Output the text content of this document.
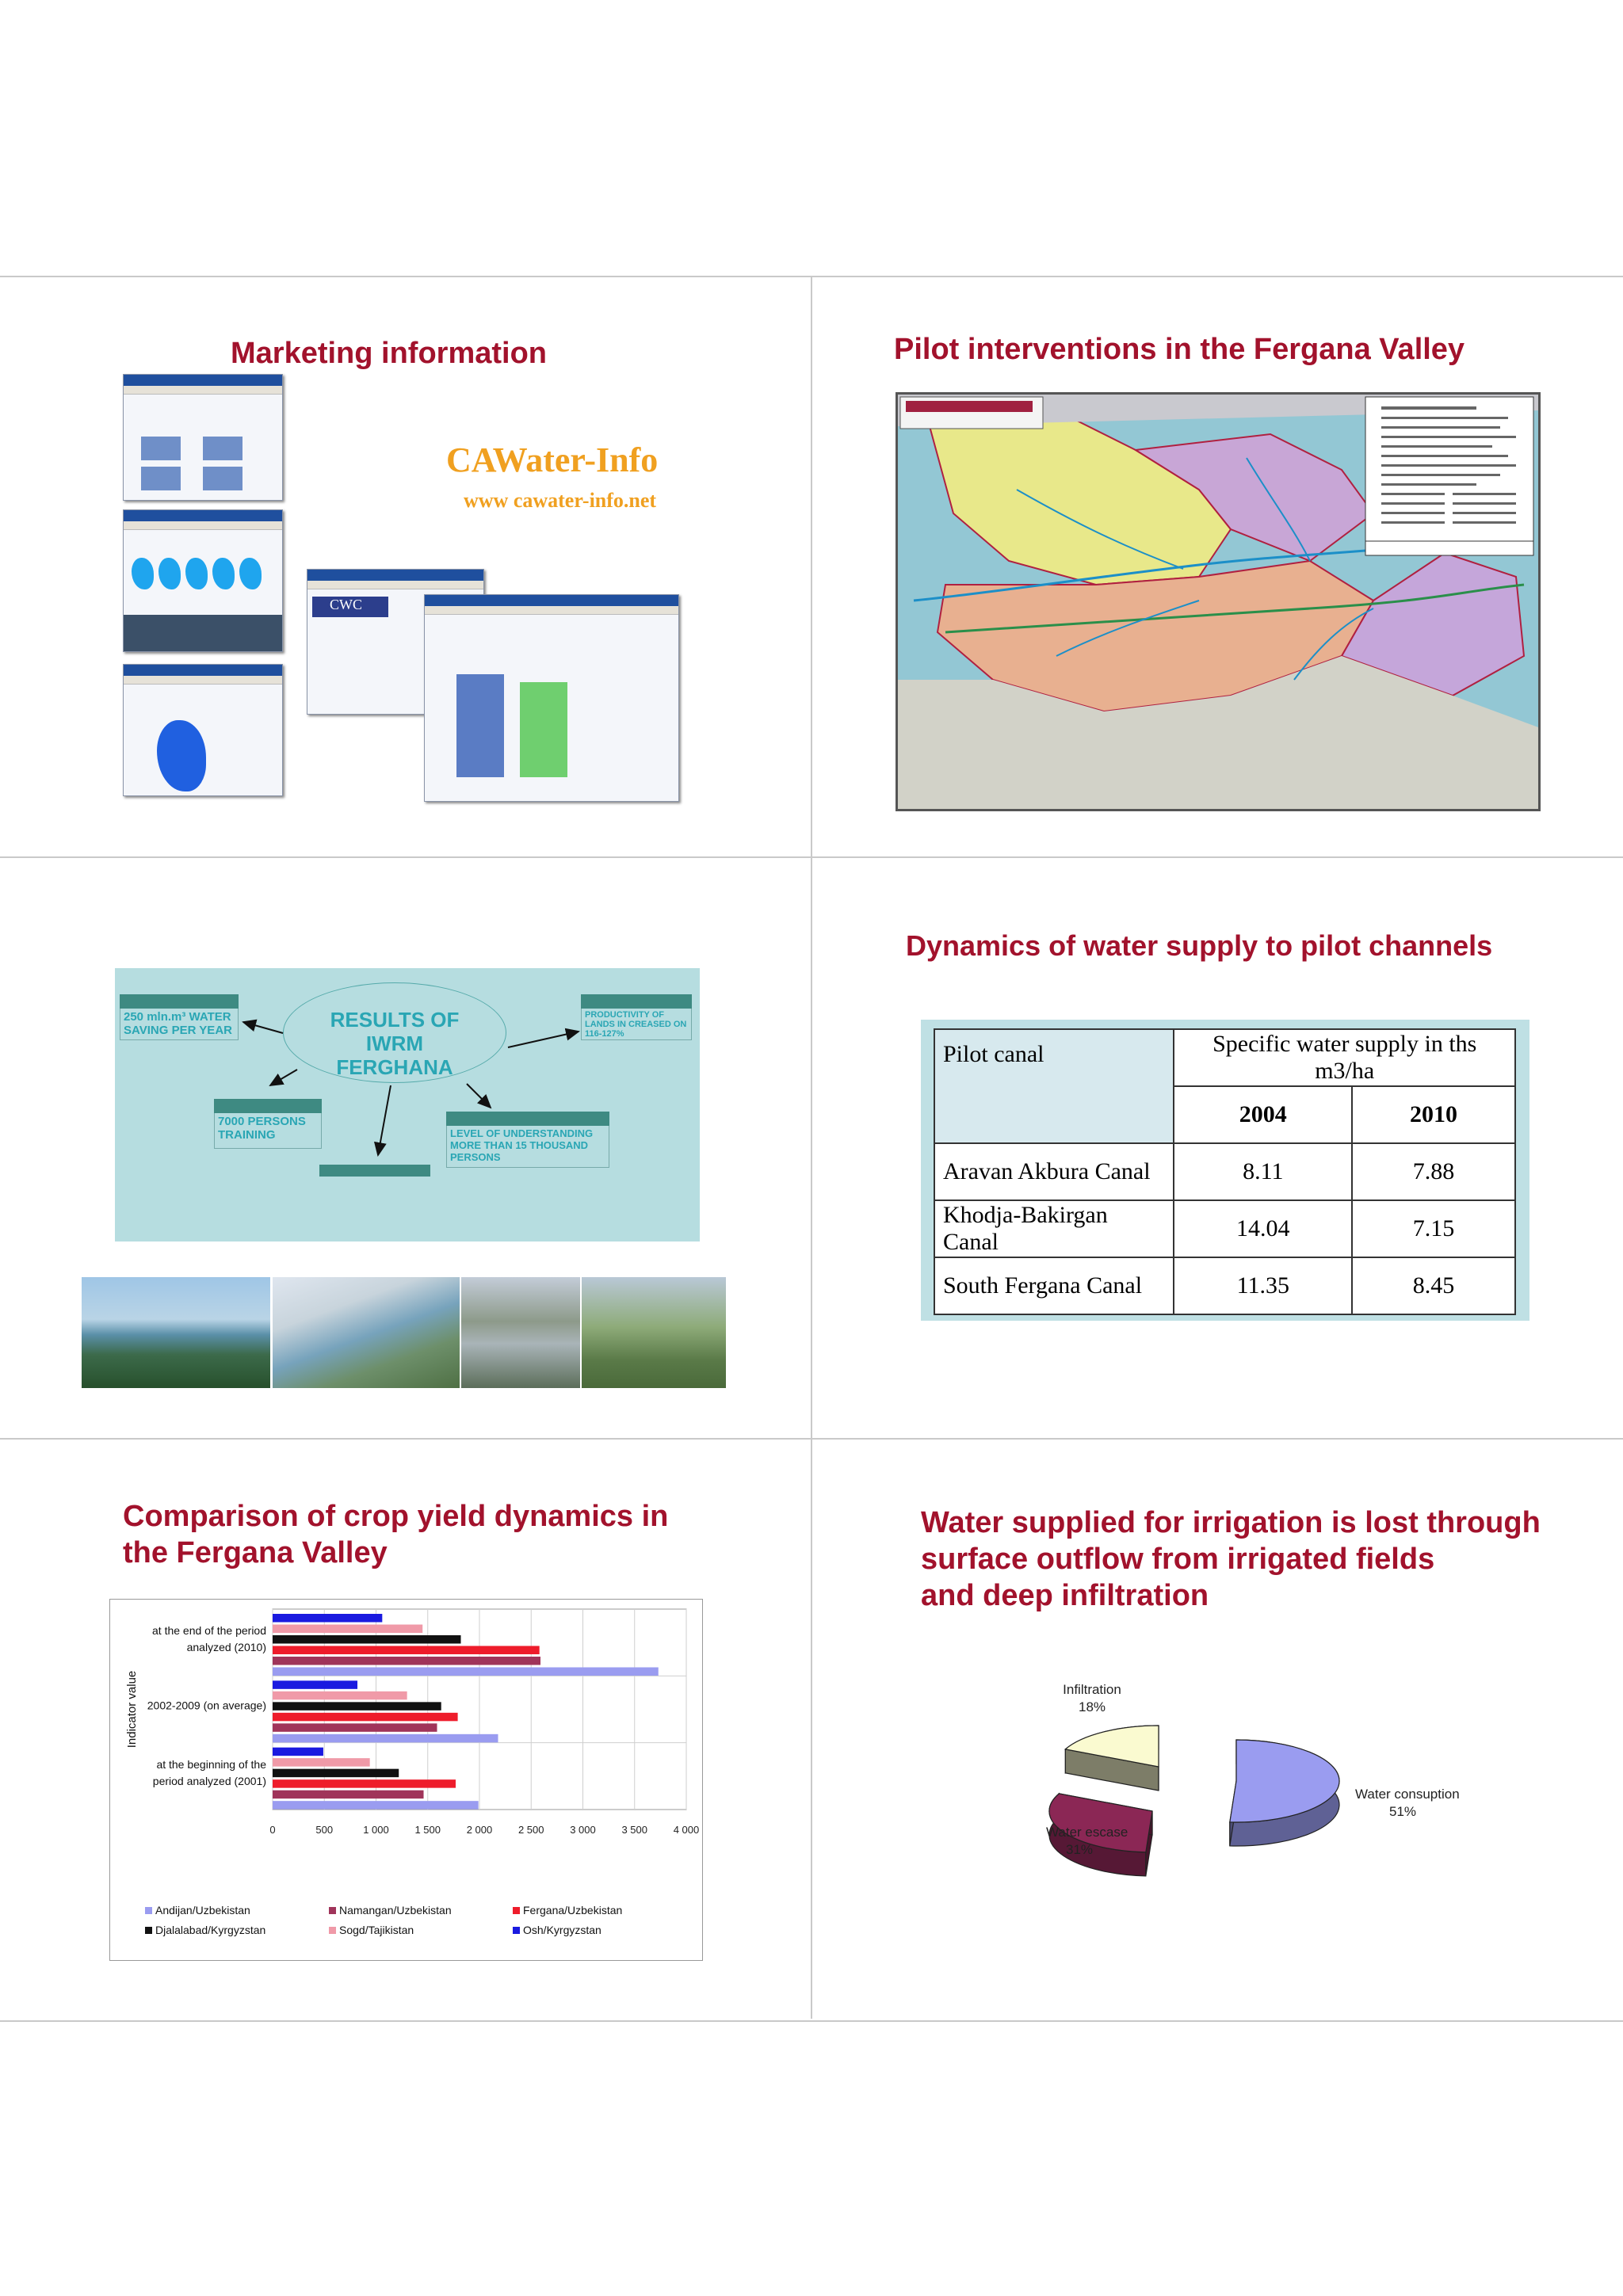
Marketing information
CWC
CAWater-Info
www cawater-info.net
Pilot interventions in the Fergana Valley
RESULTS OF IWRM FERGHANA
250 mln.m³ WATER SAVING PER YEAR
PRODUCTIVITY OF LANDS IN CREASED ON 116-127%
7000 PERSONS TRAINING	LEVEL OF UNDERSTANDING MORE THAN 15 THOUSAND PERSONS
Dynamics of water supply to pilot channels
Pilot canal	Specific water supply in ths m3/ha	
	2004	2010
Aravan Akbura Canal	8.11	7.88
Khodja-Bakirgan Canal	14.04	7.15
South Fergana Canal	11.35	8.45
Comparison of crop yield dynamics in
the Fergana Valley
0	500	1 000	1 500	2 000	2 500	3 000	3 500	4 000
at the end of the period
analyzed (2010)
2002-2009 (on average)
at the beginning of the
period analyzed (2001)
Indicator value
Andijan/Uzbekistan	Namangan/Uzbekistan	Fergana/Uzbekistan
Djalalabad/Kyrgyzstan	Sogd/Tajikistan	Osh/Kyrgyzstan
Water supplied for irrigation is lost through
surface outflow from irrigated fields
and deep infiltration
Water consuption
51%
Water escase
31%
Infiltration
18%
